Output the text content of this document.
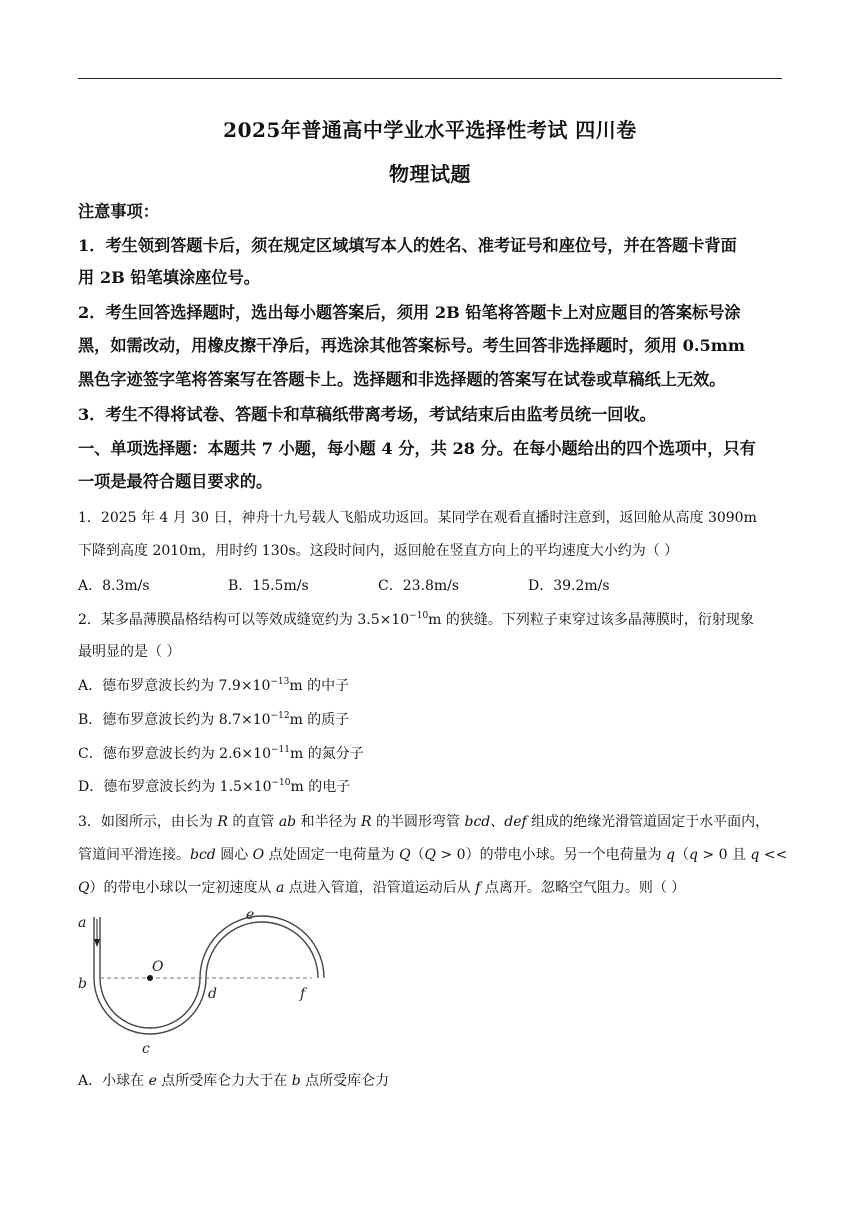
2025年普通高中学业水平选择性考试 四川卷
物理试题
注意事项：
1．考生领到答题卡后，须在规定区域填写本人的姓名、准考证号和座位号，并在答题卡背面
用 2B 铅笔填涂座位号。
2．考生回答选择题时，选出每小题答案后，须用 2B 铅笔将答题卡上对应题目的答案标号涂
黑，如需改动，用橡皮擦干净后，再选涂其他答案标号。考生回答非选择题时，须用 0.5mm
黑色字迹签字笔将答案写在答题卡上。选择题和非选择题的答案写在试卷或草稿纸上无效。
3．考生不得将试卷、答题卡和草稿纸带离考场，考试结束后由监考员统一回收。
一、单项选择题：本题共 7 小题，每小题 4 分，共 28 分。在每小题给出的四个选项中，只有
一项是最符合题目要求的。
1．2025 年 4 月 30 日，神舟十九号载人飞船成功返回。某同学在观看直播时注意到，返回舱从高度 3090m
下降到高度 2010m，用时约 130s。这段时间内，返回舱在竖直方向上的平均速度大小约为（ ）
A．8.3m/s	B．15.5m/s	C．23.8m/s	D．39.2m/s
2．某多晶薄膜晶格结构可以等效成缝宽约为 $3.5\times 10^{-10}m$ 的狭缝。下列粒子束穿过该多晶薄膜时，衍射现象
最明显的是（ ）
A．德布罗意波长约为 $7.9\times 10^{-13}m$ 的中子
B．德布罗意波长约为 $8.7\times 10^{-12}m$ 的质子
C．德布罗意波长约为 $2.6\times 10^{-11}m$ 的氮分子
D．德布罗意波长约为 $1.5\times 10^{-10}m$ 的电子
3．如图所示，由长为 R 的直管 ab 和半径为 R 的半圆形弯管 bcd、def 组成的绝缘光滑管道固定于水平面内，
管道间平滑连接。bcd 圆心 O 点处固定一电荷量为 Q（Q > 0）的带电小球。另一个电荷量为 q（q > 0 且 q <<
Q）的带电小球以一定初速度从 a 点进入管道，沿管道运动后从 f 点离开。忽略空气阻力。则（ ）
a
b
c
d
e
f
O
A．小球在 e 点所受库仑力大于在 b 点所受库仑力
